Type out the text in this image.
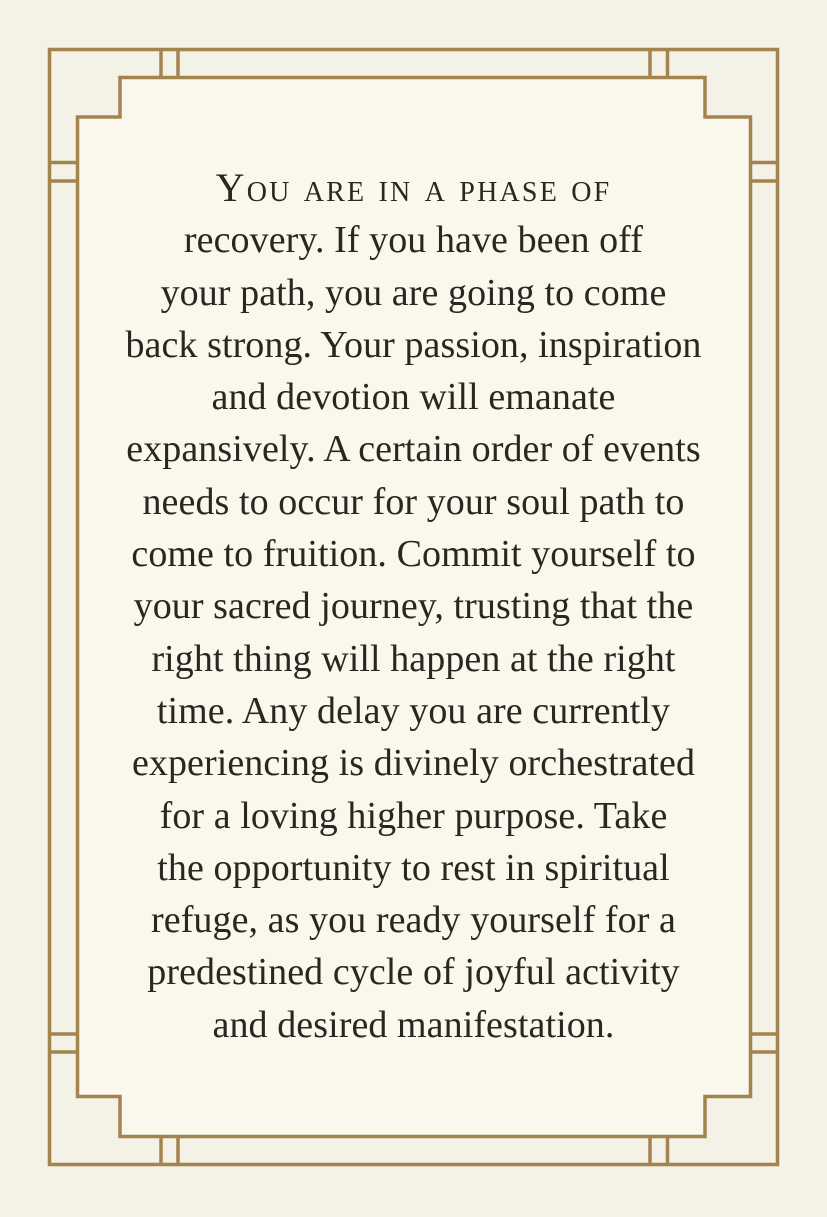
You are in a phase of
recovery. If you have been off
your path, you are going to come
back strong. Your passion, inspiration
and devotion will emanate
expansively. A certain order of events
needs to occur for your soul path to
come to fruition. Commit yourself to
your sacred journey, trusting that the
right thing will happen at the right
time. Any delay you are currently
experiencing is divinely orchestrated
for a loving higher purpose. Take
the opportunity to rest in spiritual
refuge, as you ready yourself for a
predestined cycle of joyful activity
and desired manifestation.
